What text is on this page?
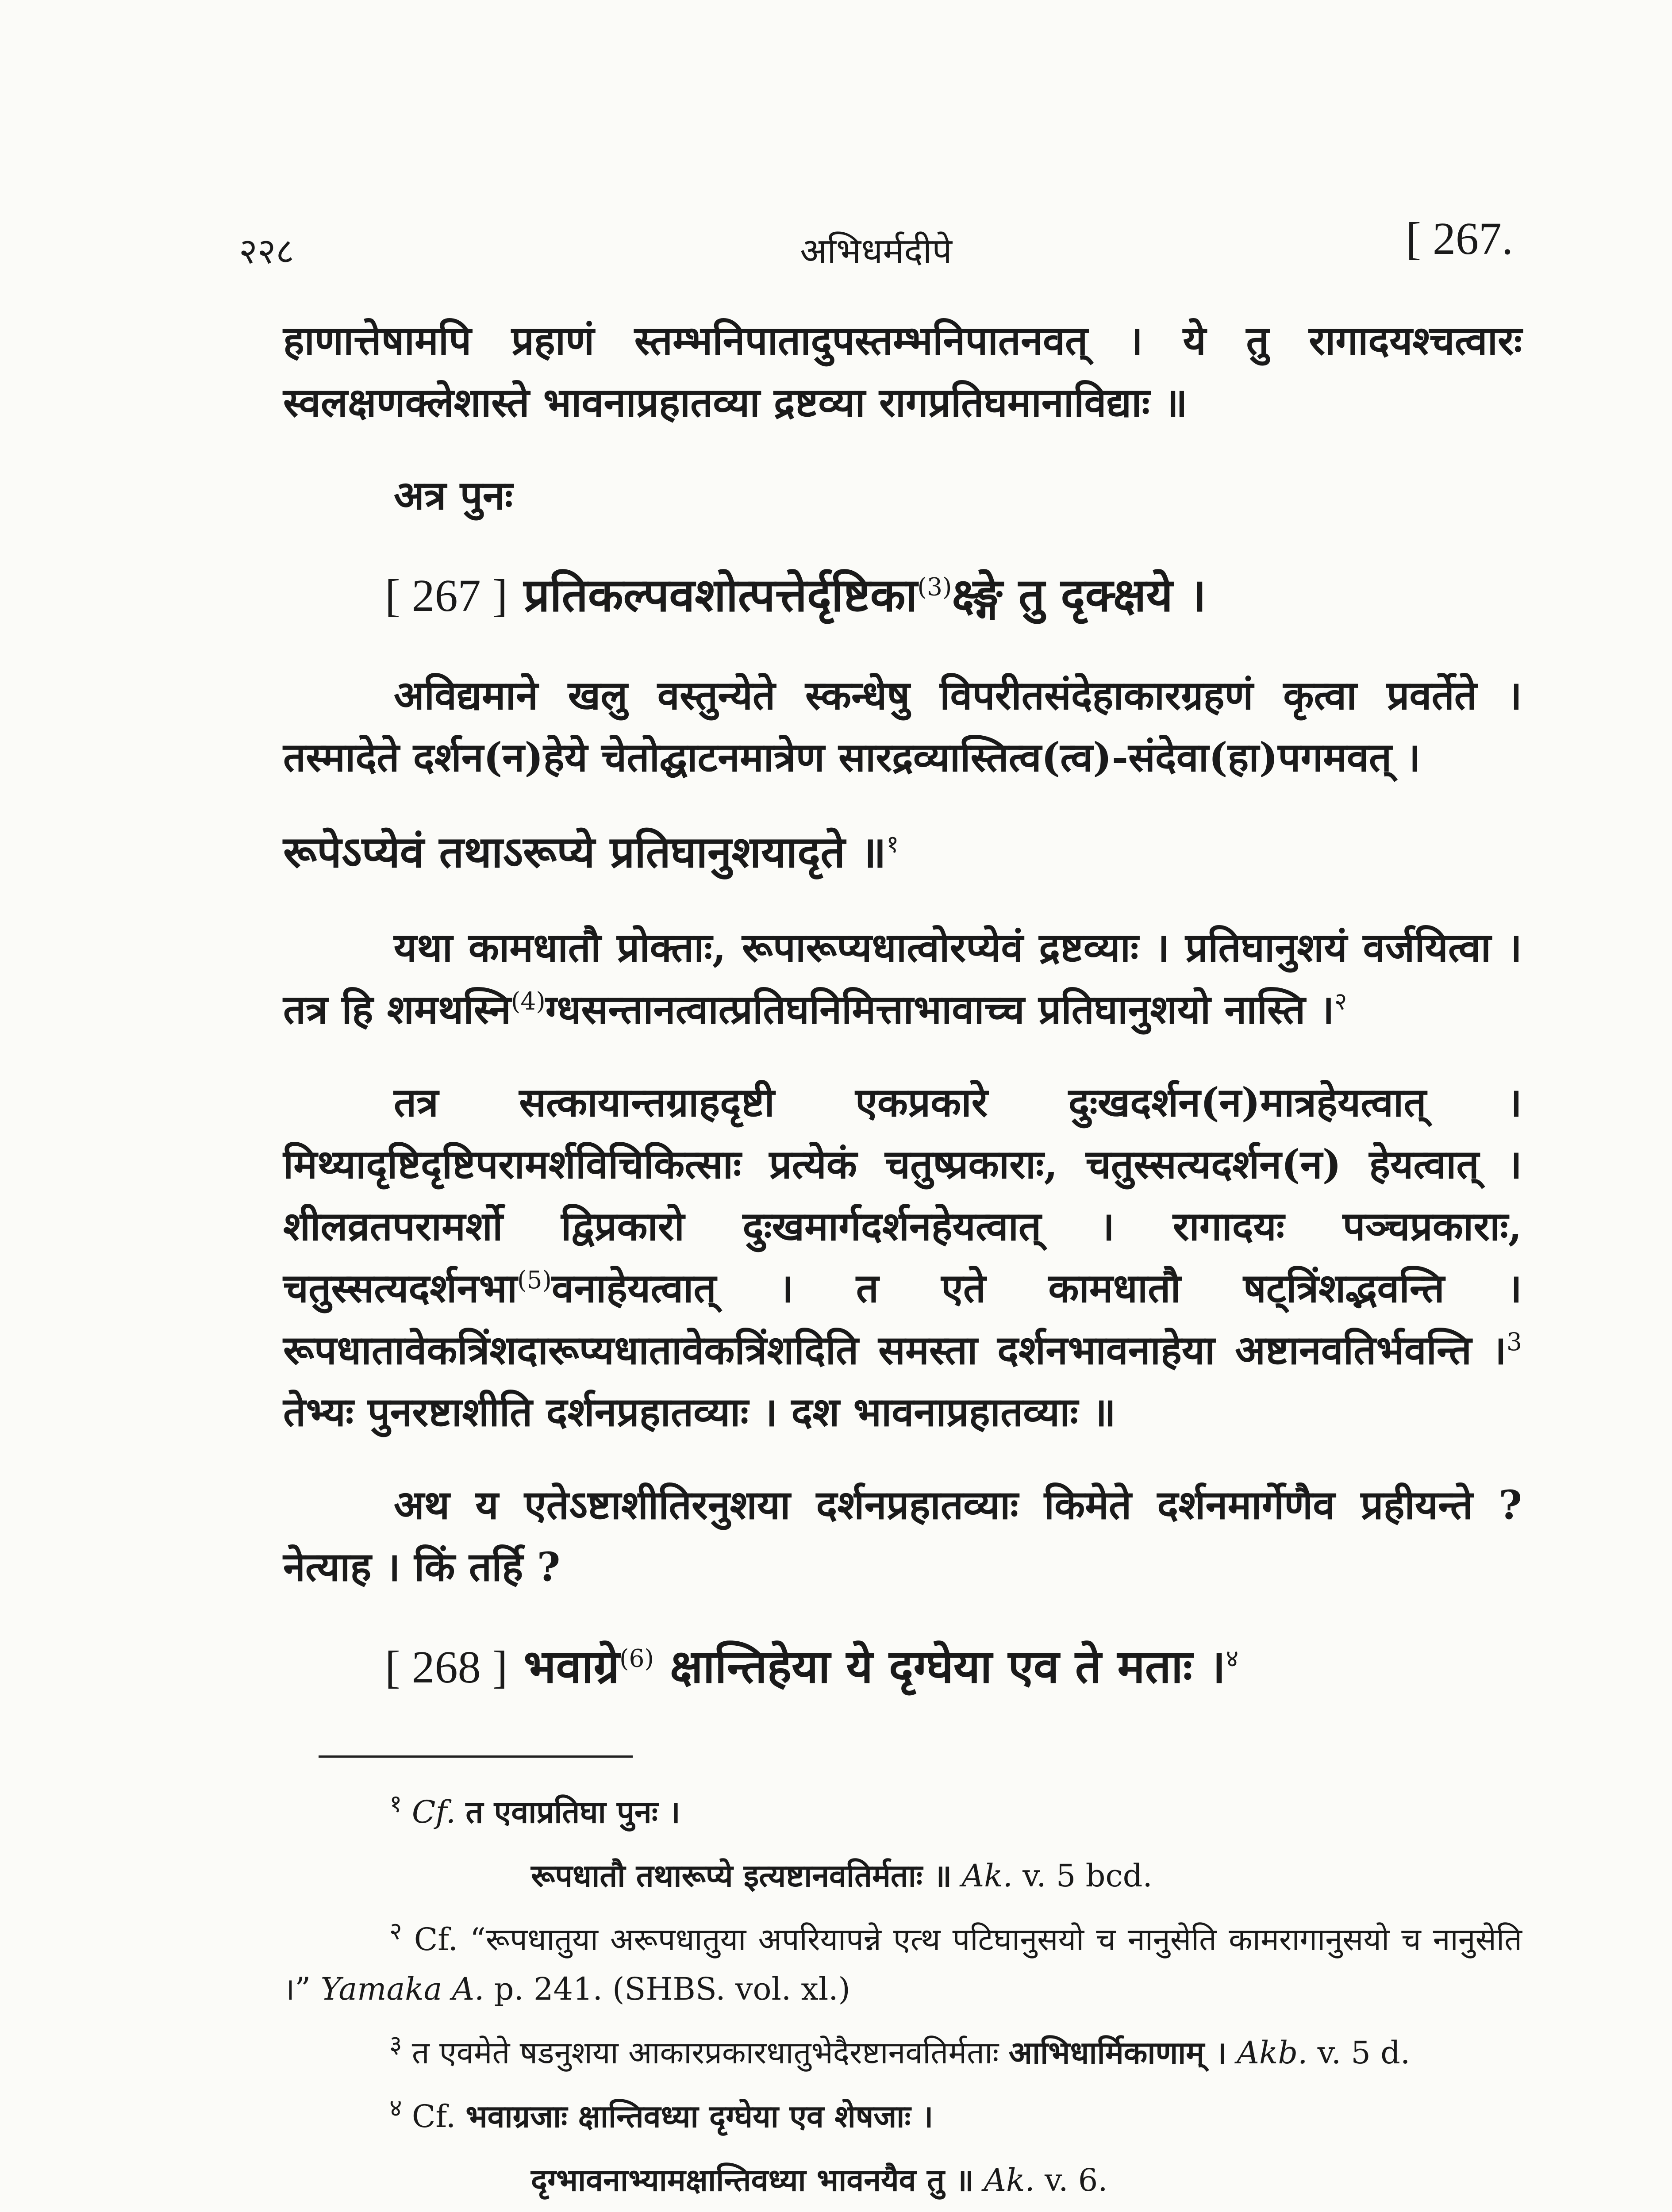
२२८	अभिधर्मदीपे	[ 267.

हाणात्तेषामपि प्रहाणं स्तम्भनिपातादुपस्तम्भनिपातनवत् । ये तु रागादयश्चत्वारः स्वलक्षणक्लेशास्ते भावनाप्रहातव्या द्रष्टव्या रागप्रतिघमानाविद्याः ॥

अत्र पुनः

[ 267 ] प्रतिकल्पवशोत्पत्तेर्दृष्टिका$^{(3)}$क्ष्ङ्गे तु दृक्क्षये ।

अविद्यमाने खलु वस्तुन्येते स्कन्धेषु विपरीतसंदेहाकारग्रहणं कृत्वा प्रवर्तेते । तस्मादेते दर्शन(न)हेये चेतोद्घाटनमात्रेण सारद्रव्यास्तित्व(त्व)-संदेवा(हा)पगमवत् ।

रूपेऽप्येवं तथाऽरूप्ये प्रतिघानुशयादृते ॥$^१$

यथा कामधातौ प्रोक्ताः, रूपारूप्यधात्वोरप्येवं द्रष्टव्याः । प्रतिघानुशयं वर्जयित्वा । तत्र हि शमथस्नि$^{(4)}$ग्धसन्तानत्वात्प्रतिघनिमित्ताभावाच्च प्रतिघानुशयो नास्ति ।$^२$

तत्र सत्कायान्तग्राहदृष्टी एकप्रकारे दुःखदर्शन(न)मात्रहेयत्वात् । मिथ्यादृष्टिदृष्टिपरामर्शविचिकित्साः प्रत्येकं चतुष्प्रकाराः, चतुस्सत्यदर्शन(न) हेयत्वात् । शीलव्रतपरामर्शो द्विप्रकारो दुःखमार्गदर्शनहेयत्वात् । रागादयः पञ्चप्रकाराः, चतुस्सत्यदर्शनभा$^{(5)}$वनाहेयत्वात् । त एते कामधातौ षट्त्रिंशद्भवन्ति । रूपधातावेकत्रिंशदारूप्यधातावेकत्रिंशदिति समस्ता दर्शनभावनाहेया अष्टानवतिर्भवन्ति ।$^3$ तेभ्यः पुनरष्टाशीति दर्शनप्रहातव्याः । दश भावनाप्रहातव्याः ॥

अथ य एतेऽष्टाशीतिरनुशया दर्शनप्रहातव्याः किमेते दर्शनमार्गेणैव प्रहीयन्ते ? नेत्याह । किं तर्हि ?

[ 268 ] भवाग्रे$^{(6)}$ क्षान्तिहेया ये दृग्घेया एव ते मताः ।$^४$

$^१$ Cf. त एवाप्रतिघा पुनः ।

रूपधातौ तथारूप्ये इत्यष्टानवतिर्मताः ॥ Ak. v. 5 bcd.

$^२$ Cf. “रूपधातुया अरूपधातुया अपरियापन्ने एत्थ पटिघानुसयो च नानुसेति कामरागानुसयो च नानुसेति ।” Yamaka A. p. 241. (SHBS. vol. xl.)

$^३$ त एवमेते षडनुशया आकारप्रकारधातुभेदैरष्टानवतिर्मताः आभिधार्मिकाणाम् । Akb. v. 5 d.

$^४$ Cf. भवाग्रजाः क्षान्तिवध्या दृग्घेया एव शेषजाः ।

दृग्भावनाभ्यामक्षान्तिवध्या भावनयैव तु ॥ Ak. v. 6.
